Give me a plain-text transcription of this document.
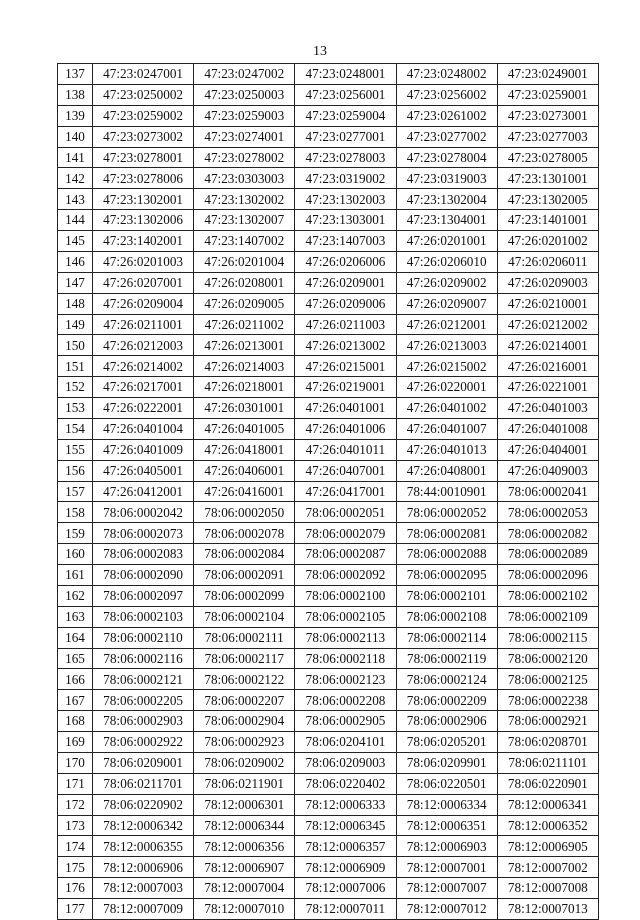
13
137	47:23:0247001	47:23:0247002	47:23:0248001	47:23:0248002	47:23:0249001
138	47:23:0250002	47:23:0250003	47:23:0256001	47:23:0256002	47:23:0259001
139	47:23:0259002	47:23:0259003	47:23:0259004	47:23:0261002	47:23:0273001
140	47:23:0273002	47:23:0274001	47:23:0277001	47:23:0277002	47:23:0277003
141	47:23:0278001	47:23:0278002	47:23:0278003	47:23:0278004	47:23:0278005
142	47:23:0278006	47:23:0303003	47:23:0319002	47:23:0319003	47:23:1301001
143	47:23:1302001	47:23:1302002	47:23:1302003	47:23:1302004	47:23:1302005
144	47:23:1302006	47:23:1302007	47:23:1303001	47:23:1304001	47:23:1401001
145	47:23:1402001	47:23:1407002	47:23:1407003	47:26:0201001	47:26:0201002
146	47:26:0201003	47:26:0201004	47:26:0206006	47:26:0206010	47:26:0206011
147	47:26:0207001	47:26:0208001	47:26:0209001	47:26:0209002	47:26:0209003
148	47:26:0209004	47:26:0209005	47:26:0209006	47:26:0209007	47:26:0210001
149	47:26:0211001	47:26:0211002	47:26:0211003	47:26:0212001	47:26:0212002
150	47:26:0212003	47:26:0213001	47:26:0213002	47:26:0213003	47:26:0214001
151	47:26:0214002	47:26:0214003	47:26:0215001	47:26:0215002	47:26:0216001
152	47:26:0217001	47:26:0218001	47:26:0219001	47:26:0220001	47:26:0221001
153	47:26:0222001	47:26:0301001	47:26:0401001	47:26:0401002	47:26:0401003
154	47:26:0401004	47:26:0401005	47:26:0401006	47:26:0401007	47:26:0401008
155	47:26:0401009	47:26:0418001	47:26:0401011	47:26:0401013	47:26:0404001
156	47:26:0405001	47:26:0406001	47:26:0407001	47:26:0408001	47:26:0409003
157	47:26:0412001	47:26:0416001	47:26:0417001	78:44:0010901	78:06:0002041
158	78:06:0002042	78:06:0002050	78:06:0002051	78:06:0002052	78:06:0002053
159	78:06:0002073	78:06:0002078	78:06:0002079	78:06:0002081	78:06:0002082
160	78:06:0002083	78:06:0002084	78:06:0002087	78:06:0002088	78:06:0002089
161	78:06:0002090	78:06:0002091	78:06:0002092	78:06:0002095	78:06:0002096
162	78:06:0002097	78:06:0002099	78:06:0002100	78:06:0002101	78:06:0002102
163	78:06:0002103	78:06:0002104	78:06:0002105	78:06:0002108	78:06:0002109
164	78:06:0002110	78:06:0002111	78:06:0002113	78:06:0002114	78:06:0002115
165	78:06:0002116	78:06:0002117	78:06:0002118	78:06:0002119	78:06:0002120
166	78:06:0002121	78:06:0002122	78:06:0002123	78:06:0002124	78:06:0002125
167	78:06:0002205	78:06:0002207	78:06:0002208	78:06:0002209	78:06:0002238
168	78:06:0002903	78:06:0002904	78:06:0002905	78:06:0002906	78:06:0002921
169	78:06:0002922	78:06:0002923	78:06:0204101	78:06:0205201	78:06:0208701
170	78:06:0209001	78:06:0209002	78:06:0209003	78:06:0209901	78:06:0211101
171	78:06:0211701	78:06:0211901	78:06:0220402	78:06:0220501	78:06:0220901
172	78:06:0220902	78:12:0006301	78:12:0006333	78:12:0006334	78:12:0006341
173	78:12:0006342	78:12:0006344	78:12:0006345	78:12:0006351	78:12:0006352
174	78:12:0006355	78:12:0006356	78:12:0006357	78:12:0006903	78:12:0006905
175	78:12:0006906	78:12:0006907	78:12:0006909	78:12:0007001	78:12:0007002
176	78:12:0007003	78:12:0007004	78:12:0007006	78:12:0007007	78:12:0007008
177	78:12:0007009	78:12:0007010	78:12:0007011	78:12:0007012	78:12:0007013
